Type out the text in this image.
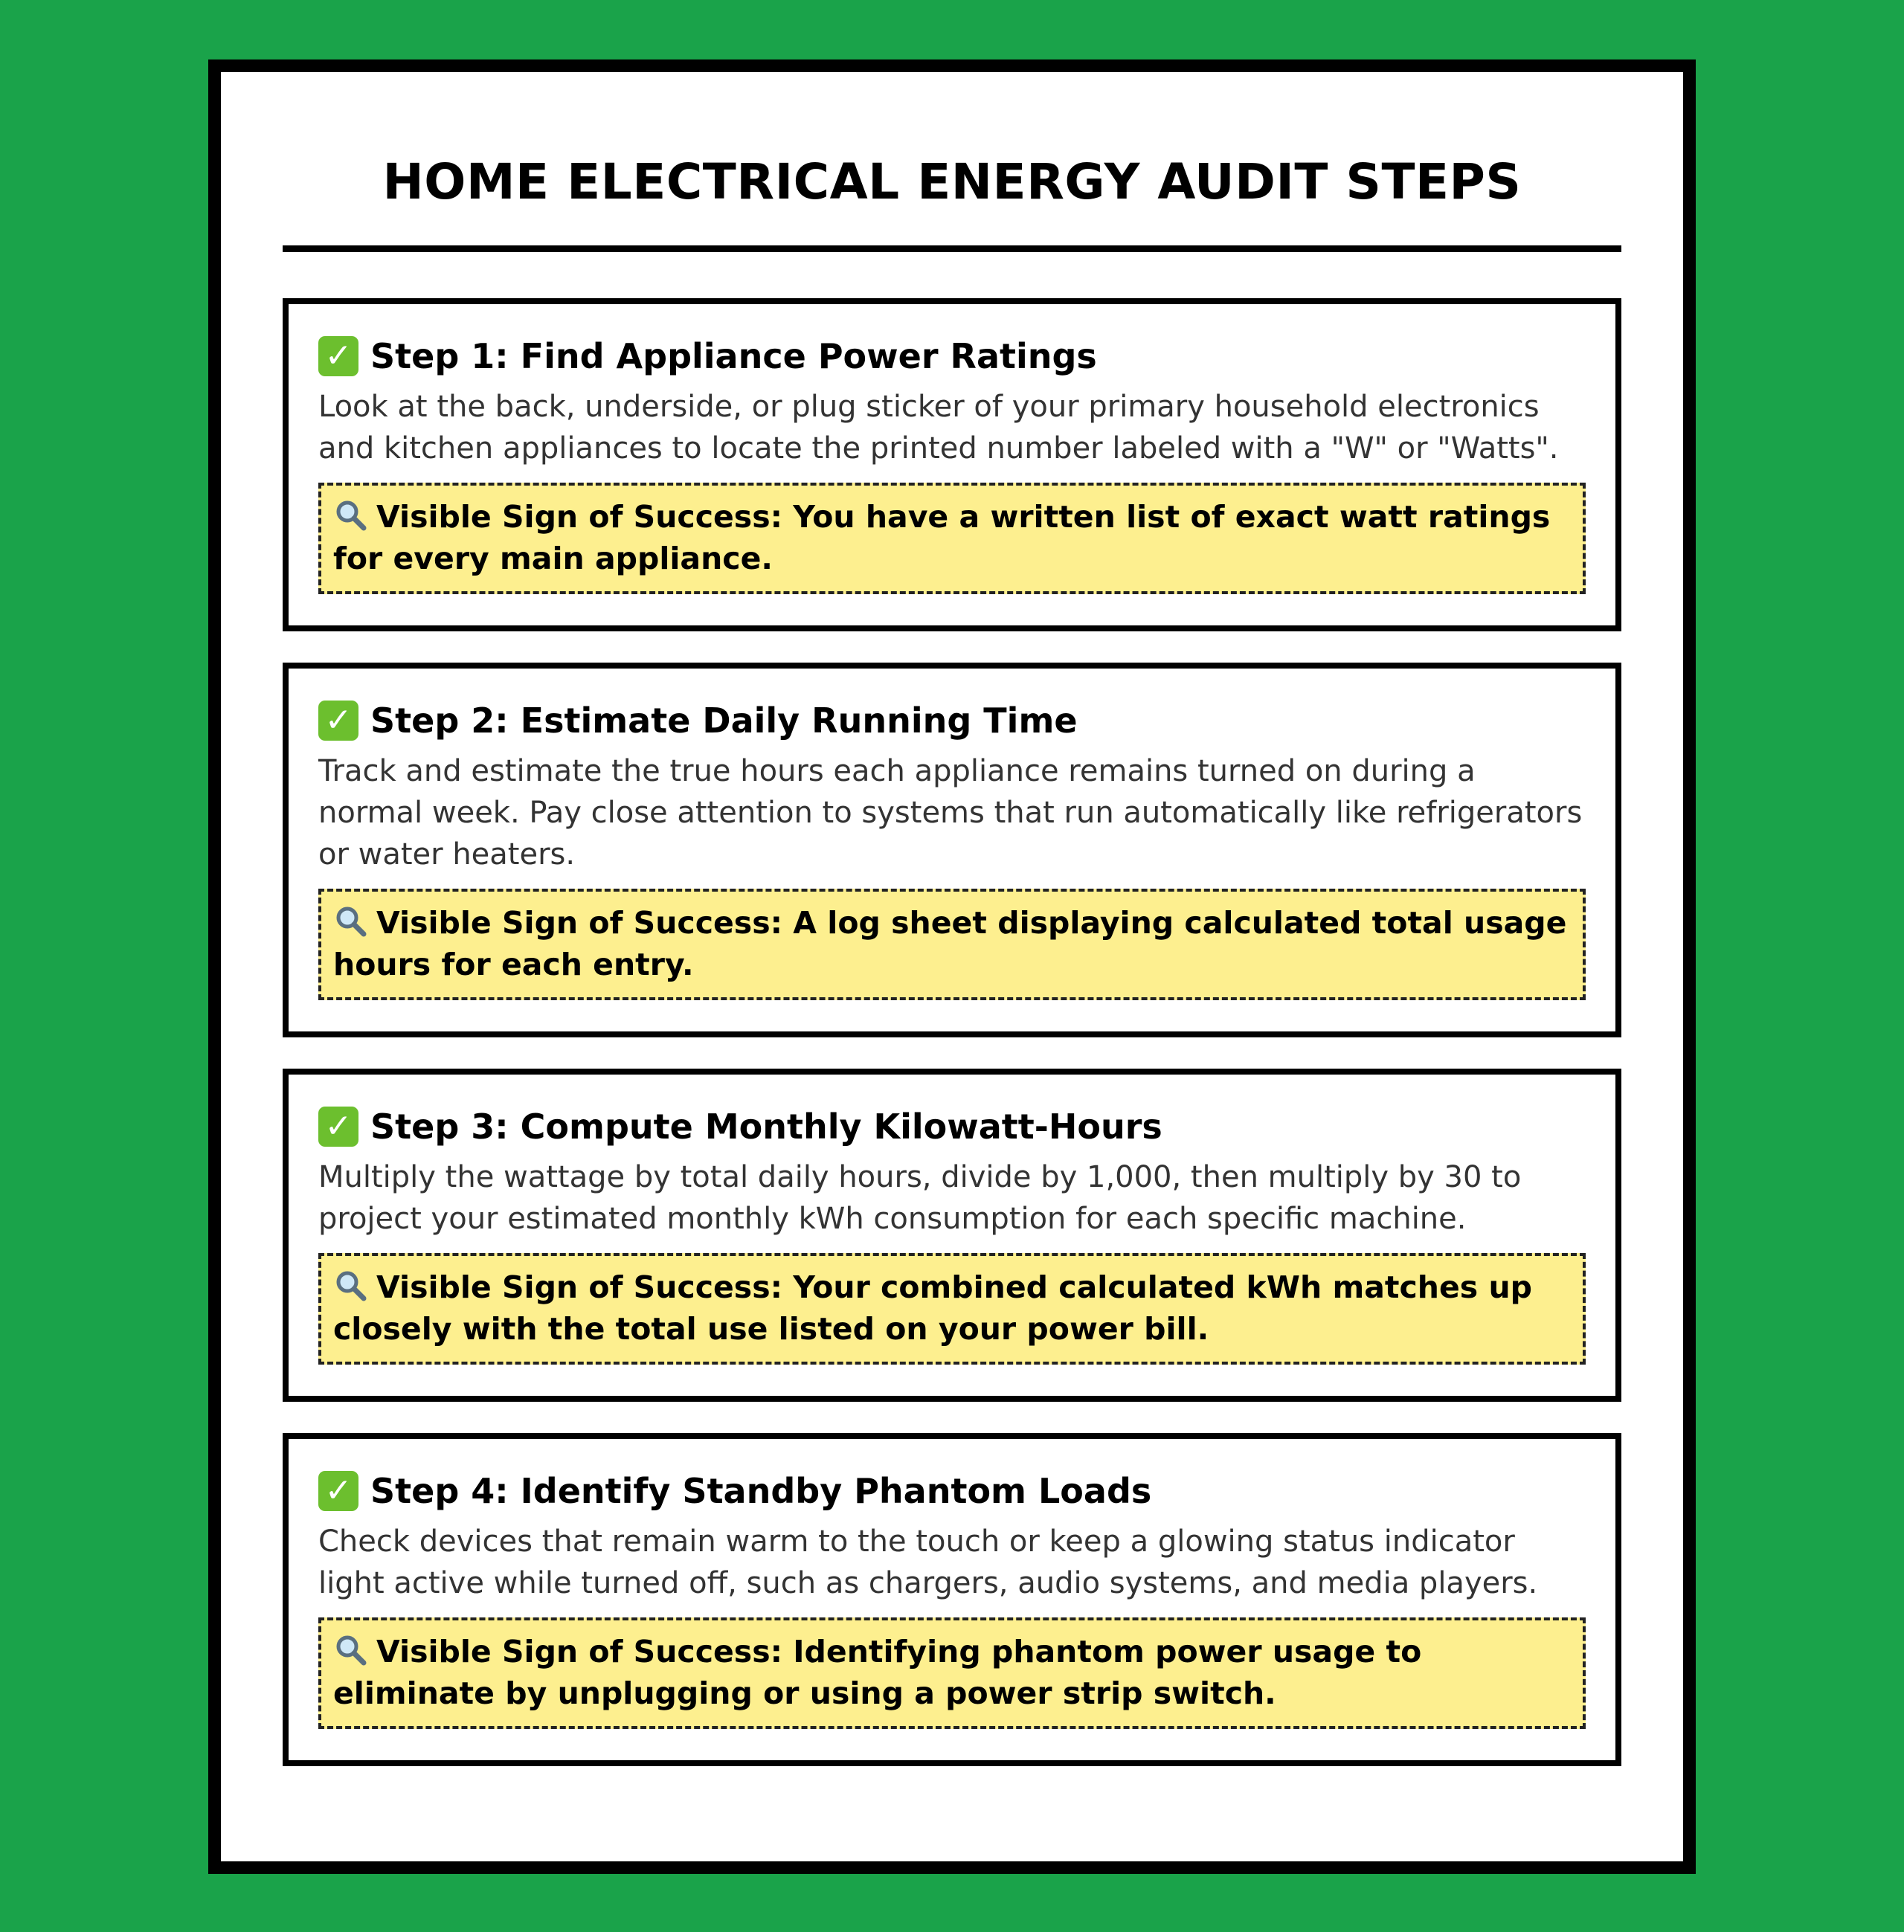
HOME ELECTRICAL ENERGY AUDIT STEPS
✓ Step 1: Find Appliance Power Ratings
Look at the back, underside, or plug sticker of your primary household electronics and kitchen appliances to locate the printed number labeled with a "W" or "Watts".
Visible Sign of Success: You have a written list of exact watt ratings for every main appliance.
✓ Step 2: Estimate Daily Running Time
Track and estimate the true hours each appliance remains turned on during a normal week. Pay close attention to systems that run automatically like refrigerators or water heaters.
Visible Sign of Success: A log sheet displaying calculated total usage hours for each entry.
✓ Step 3: Compute Monthly Kilowatt-Hours
Multiply the wattage by total daily hours, divide by 1,000, then multiply by 30 to project your estimated monthly kWh consumption for each specific machine.
Visible Sign of Success: Your combined calculated kWh matches up closely with the total use listed on your power bill.
✓ Step 4: Identify Standby Phantom Loads
Check devices that remain warm to the touch or keep a glowing status indicator light active while turned off, such as chargers, audio systems, and media players.
Visible Sign of Success: Identifying phantom power usage to eliminate by unplugging or using a power strip switch.
